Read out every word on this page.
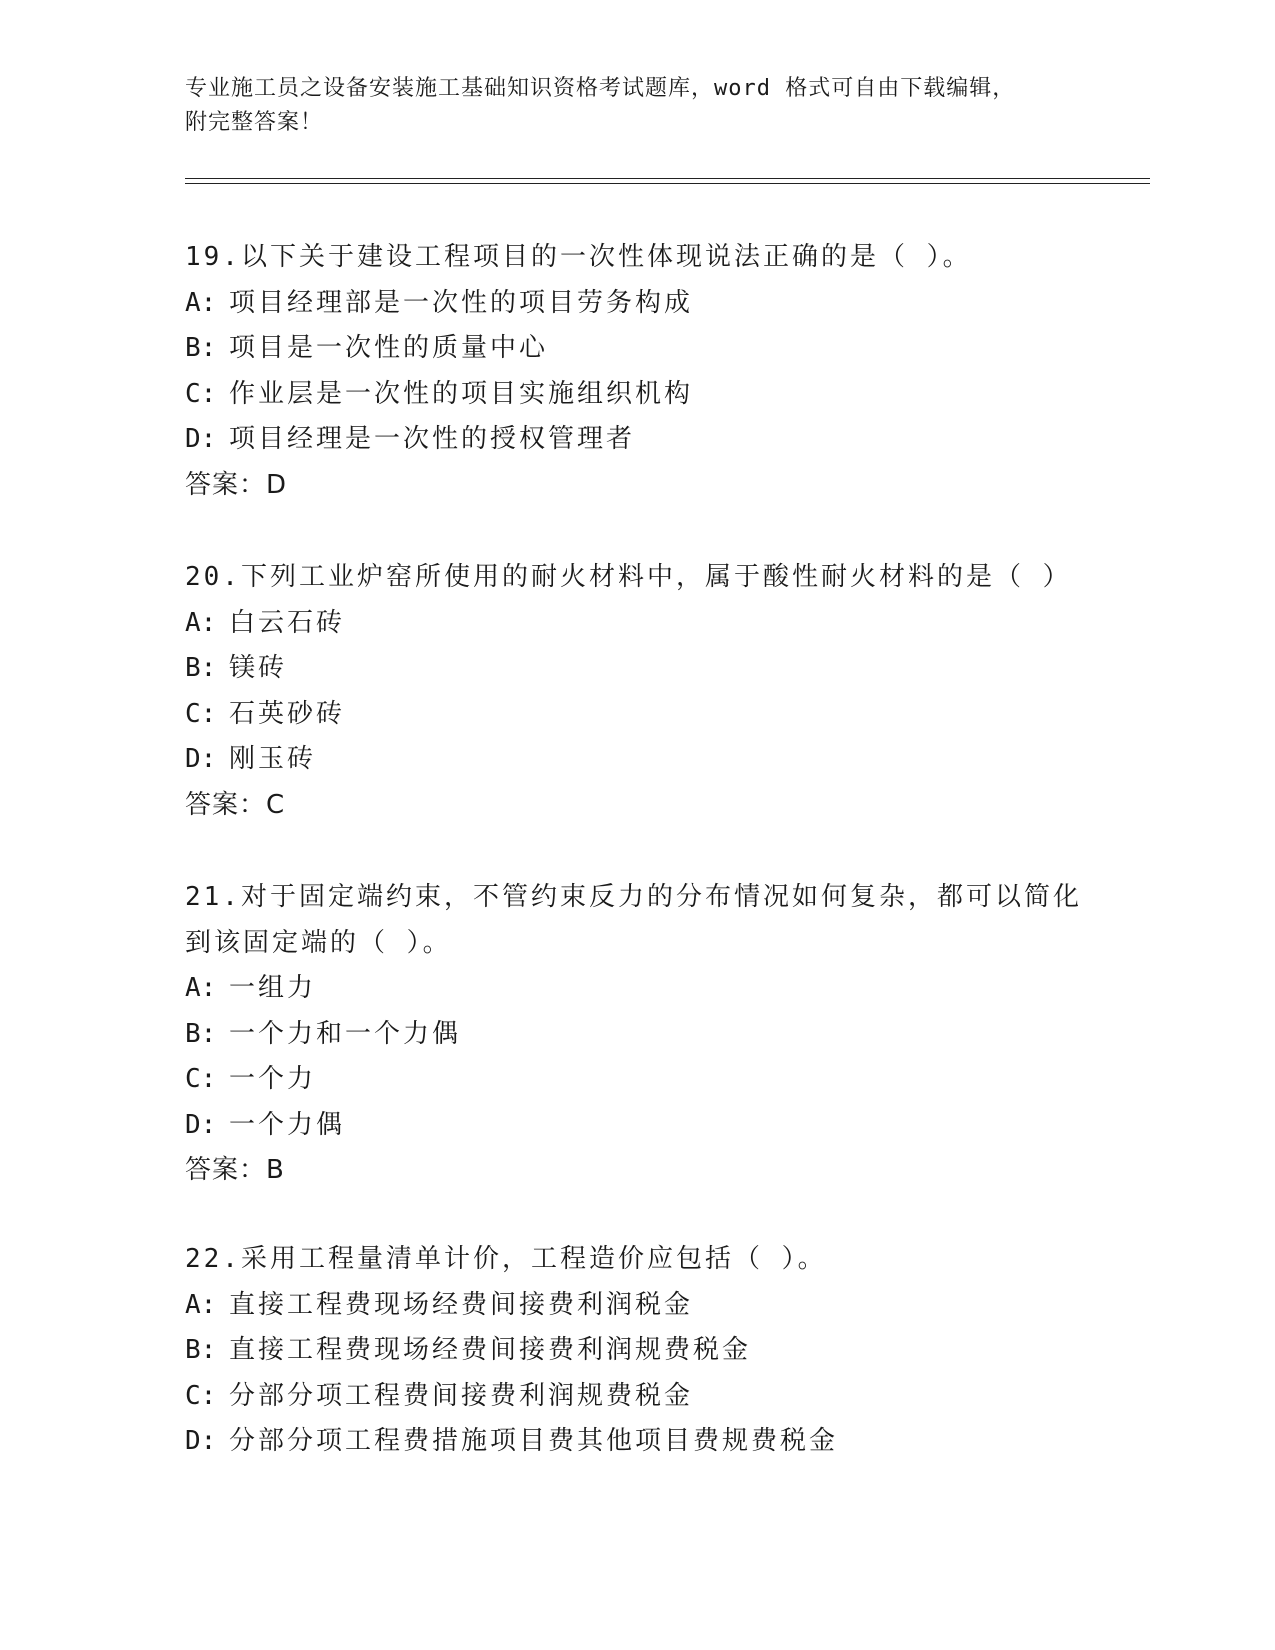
专业施工员之设备安装施工基础知识资格考试题库，word 格式可自由下载编辑，
附完整答案！

19.以下关于建设工程项目的一次性体现说法正确的是（ ）。

A: 项目经理部是一次性的项目劳务构成

B: 项目是一次性的质量中心

C: 作业层是一次性的项目实施组织机构

D: 项目经理是一次性的授权管理者

答案：D

20.下列工业炉窑所使用的耐火材料中，属于酸性耐火材料的是（ ）

A: 白云石砖

B: 镁砖

C: 石英砂砖

D: 刚玉砖

答案：C

21.对于固定端约束，不管约束反力的分布情况如何复杂，都可以简化到该固定端的（ ）。

A: 一组力

B: 一个力和一个力偶

C: 一个力

D: 一个力偶

答案：B

22.采用工程量清单计价，工程造价应包括（ ）。

A: 直接工程费现场经费间接费利润税金

B: 直接工程费现场经费间接费利润规费税金

C: 分部分项工程费间接费利润规费税金

D: 分部分项工程费措施项目费其他项目费规费税金
